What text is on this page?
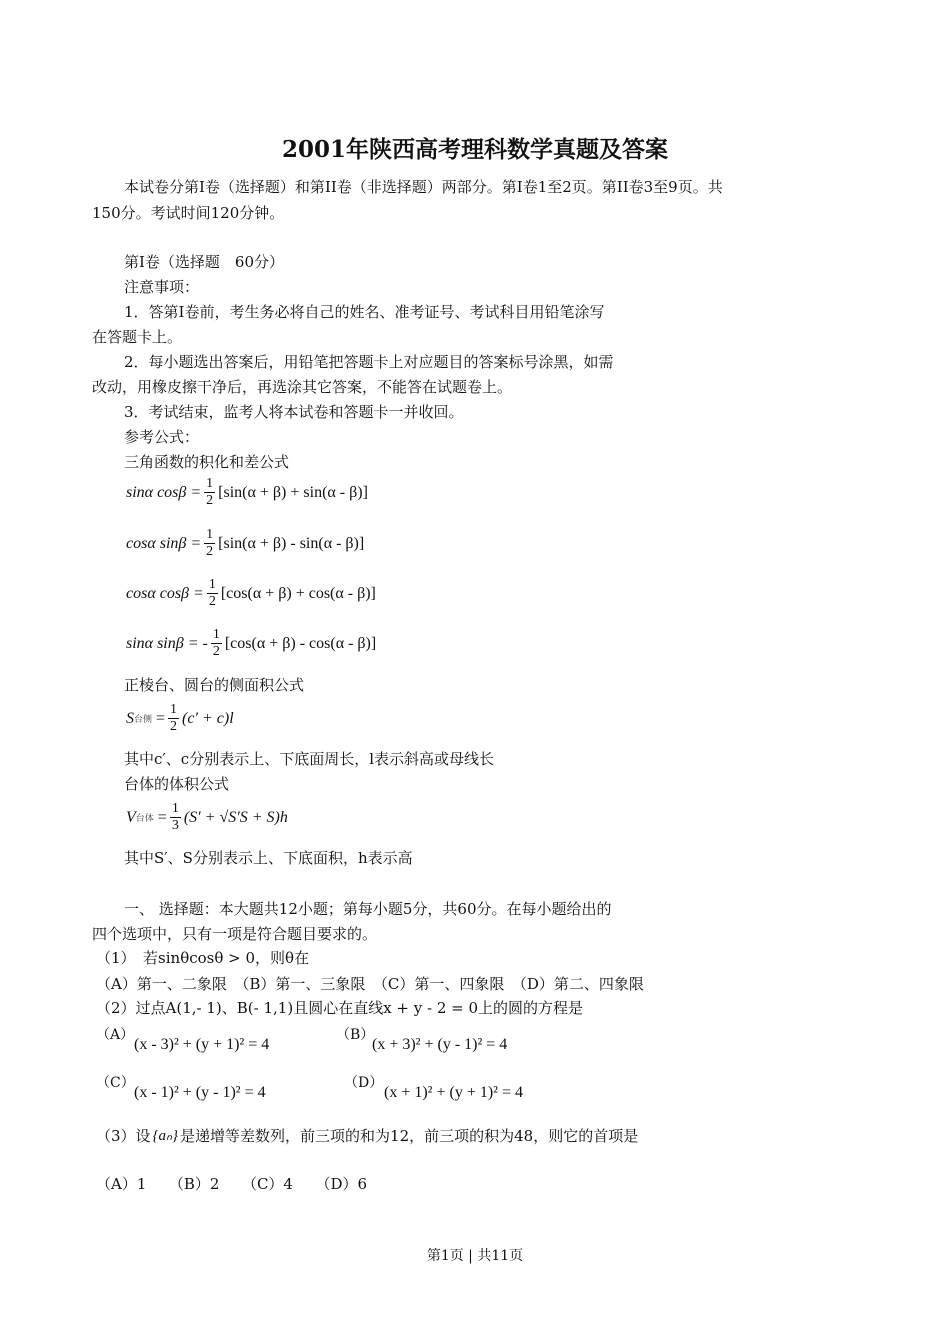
2001年陕西高考理科数学真题及答案
本试卷分第Ⅰ卷（选择题）和第II卷（非选择题）两部分。第Ⅰ卷1至2页。第II卷3至9页。共
150分。考试时间120分钟。
第Ⅰ卷（选择题　60分）
注意事项：
1．答第Ⅰ卷前，考生务必将自己的姓名、准考证号、考试科目用铅笔涂写
在答题卡上。
2．每小题选出答案后，用铅笔把答题卡上对应题目的答案标号涂黑，如需
改动，用橡皮擦干净后，再选涂其它答案，不能答在试题卷上。
3．考试结束，监考人将本试卷和答题卡一并收回。
参考公式：
三角函数的积化和差公式
sinα $\cos\beta = \frac{1}{2} [\sin(\alpha + \beta) + \sin(\alpha - \beta)]$
cosα $\sin\beta = \frac{1}{2} [\sin(\alpha + \beta) - \sin(\alpha - \beta)]$
cosα $\cos\beta = \frac{1}{2} [\cos(\alpha + \beta) + \cos(\alpha - \beta)]$
sinα sinβ = - 1
2 [cos(α + β) - cos(α - β)]
正棱台、圆台的侧面积公式
S 台侧 = $\frac{1}{2} (c' + c)l$
其中c′、c分别表示上、下底面周长，l表示斜高或母线长
台体的体积公式
V 台体 = $\frac{1}{3} (S' + √S'S + S)h$
其中S′、S分别表示上、下底面积，h表示高
一、 选择题：本大题共12小题；第每小题5分，共60分。在每小题给出的
四个选项中，只有一项是符合题目要求的。
（1）　若sinθcosθ > 0，则θ在
（A）第一、二象限　（B）第一、三象限　（C）第一、四象限　（D）第二、四象限
（2）过点A(1,- 1)、B(- 1,1)且圆心在直线x + y - 2 = 0上的圆的方程是
（A）
(x - 3)² + (y + 1)² = 4
（B）
(x + 3)² + (y - 1)² = 4
（C）
(x - 1)² + (y - 1)² = 4
（D）
(x + 1)² + (y + 1)² = 4
（3）设 {aₙ} 是递增等差数列，前三项的和为12，前三项的积为48，则它的首项是
（A）1　　（B）2　　（C）4　　（D）6
第1页 | 共11页
